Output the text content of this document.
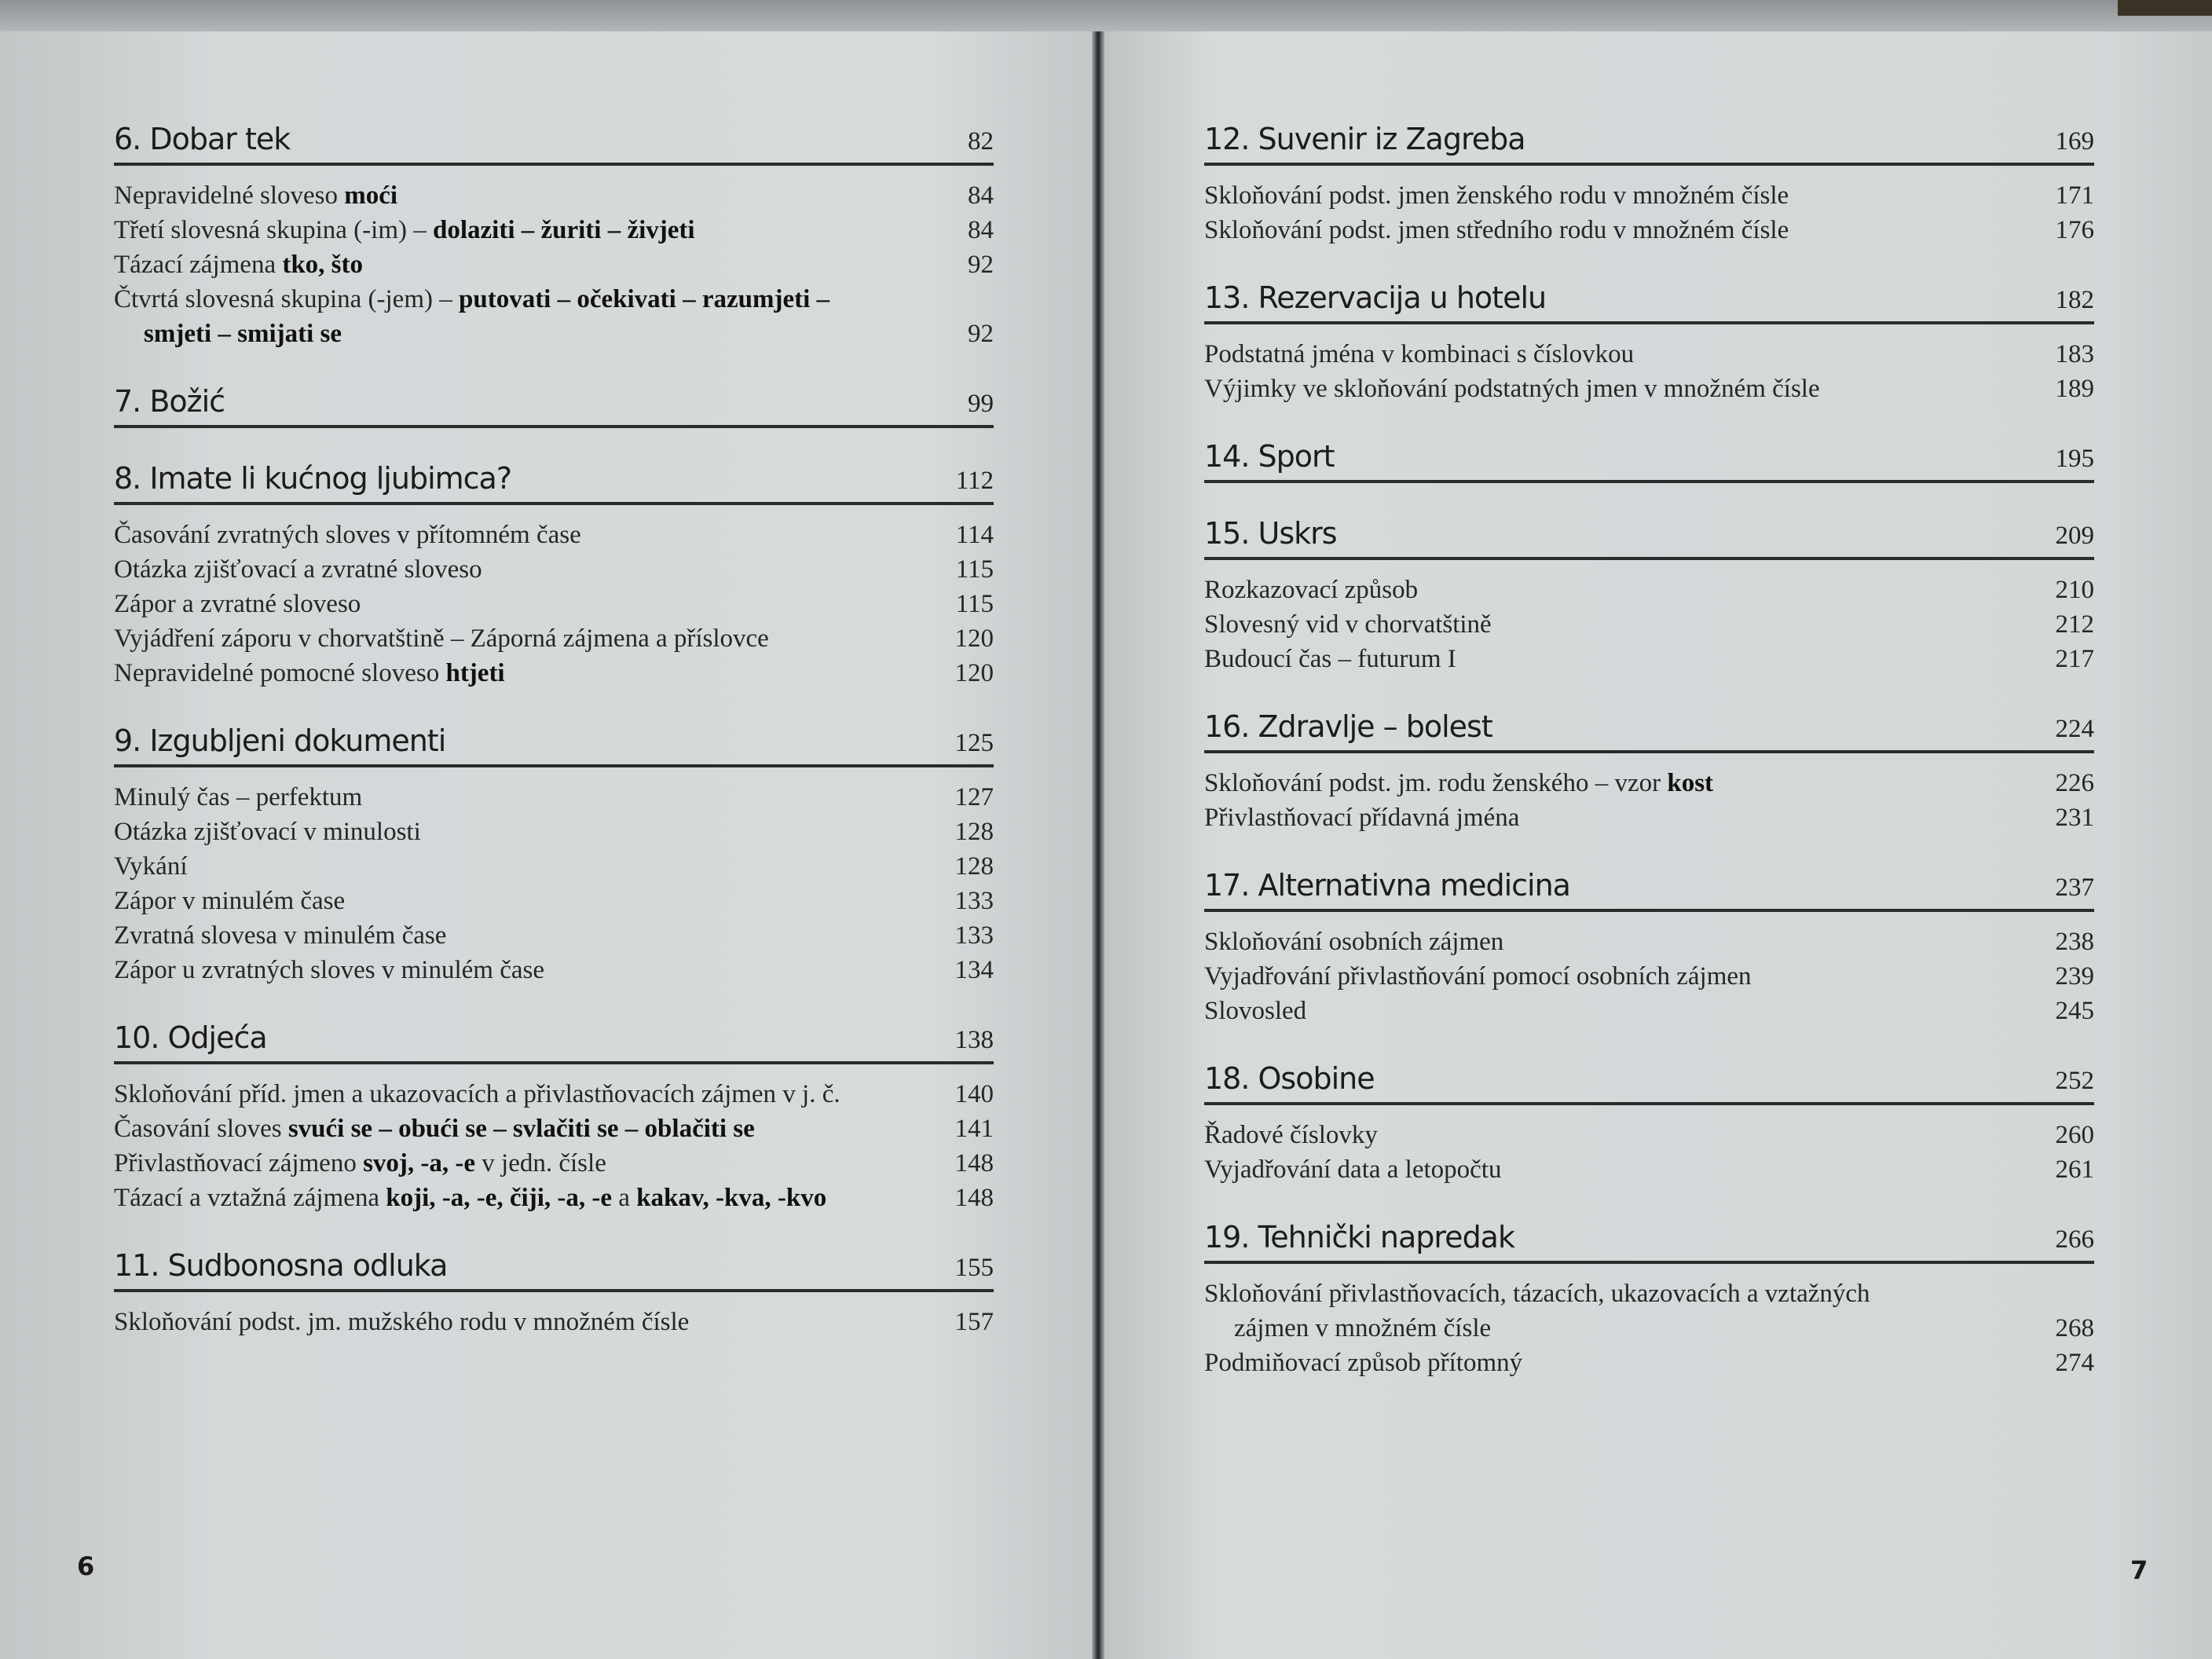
6. Dobar tek	82
Nepravidelné sloveso moći	84
Třetí slovesná skupina (-im) – dolaziti – žuriti – živjeti	84
Tázací zájmena tko, što	92
Čtvrtá slovesná skupina (-jem) – putovati – očekivati – razumjeti –
smjeti – smijati se	92
7. Božić	99
8. Imate li kućnog ljubimca?	112
Časování zvratných sloves v přítomném čase	114
Otázka zjišťovací a zvratné sloveso	115
Zápor a zvratné sloveso	115
Vyjádření záporu v chorvatštině – Záporná zájmena a příslovce	120
Nepravidelné pomocné sloveso htjeti	120
9. Izgubljeni dokumenti	125
Minulý čas – perfektum	127
Otázka zjišťovací v minulosti	128
Vykání	128
Zápor v minulém čase	133
Zvratná slovesa v minulém čase	133
Zápor u zvratných sloves v minulém čase	134
10. Odjeća	138
Skloňování příd. jmen a ukazovacích a přivlastňovacích zájmen v j. č.	140
Časování sloves svući se – obući se – svlačiti se – oblačiti se	141
Přivlastňovací zájmeno svoj, -a, -e v jedn. čísle	148
Tázací a vztažná zájmena koji, -a, -e, čiji, -a, -e a kakav, -kva, -kvo	148
11. Sudbonosna odluka	155
Skloňování podst. jm. mužského rodu v množném čísle	157
12. Suvenir iz Zagreba	169
Skloňování podst. jmen ženského rodu v množném čísle	171
Skloňování podst. jmen středního rodu v množném čísle	176
13. Rezervacija u hotelu	182
Podstatná jména v kombinaci s číslovkou	183
Výjimky ve skloňování podstatných jmen v množném čísle	189
14. Sport	195
15. Uskrs	209
Rozkazovací způsob	210
Slovesný vid v chorvatštině	212
Budoucí čas – futurum I	217
16. Zdravlje – bolest	224
Skloňování podst. jm. rodu ženského – vzor kost	226
Přivlastňovací přídavná jména	231
17. Alternativna medicina	237
Skloňování osobních zájmen	238
Vyjadřování přivlastňování pomocí osobních zájmen	239
Slovosled	245
18. Osobine	252
Řadové číslovky	260
Vyjadřování data a letopočtu	261
19. Tehnički napredak	266
Skloňování přivlastňovacích, tázacích, ukazovacích a vztažných
zájmen v množném čísle	268
Podmiňovací způsob přítomný	274
6	7
